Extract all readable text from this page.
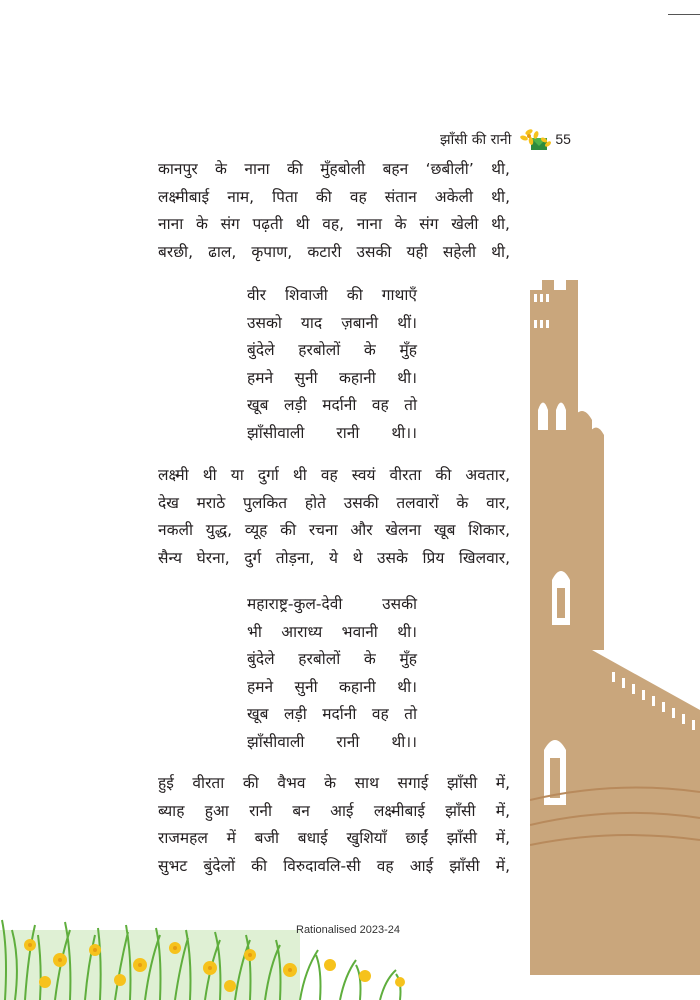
झाँसी की रानी	55
कानपुर के नाना की मुँहबोली बहन ‘छबीली’ थी,
लक्ष्मीबाई नाम, पिता की वह संतान अकेली थी,
नाना के संग पढ़ती थी वह, नाना के संग खेली थी,
बरछी, ढाल, कृपाण, कटारी उसकी यही सहेली थी,
वीर शिवाजी की गाथाएँ
उसको याद ज़बानी थीं।
बुंदेले हरबोलों के मुँह
हमने सुनी कहानी थी।
खूब लड़ी मर्दानी वह तो
झाँसीवाली रानी थी।।
लक्ष्मी थी या दुर्गा थी वह स्वयं वीरता की अवतार,
देख मराठे पुलकित होते उसकी तलवारों के वार,
नकली युद्ध, व्यूह की रचना और खेलना खूब शिकार,
सैन्य घेरना, दुर्ग तोड़ना, ये थे उसके प्रिय खिलवार,
महाराष्ट्र-कुल-देवी उसकी
भी आराध्य भवानी थी।
बुंदेले हरबोलों के मुँह
हमने सुनी कहानी थी।
खूब लड़ी मर्दानी वह तो
झाँसीवाली रानी थी।।
हुई वीरता की वैभव के साथ सगाई झाँसी में,
ब्याह हुआ रानी बन आई लक्ष्मीबाई झाँसी में,
राजमहल में बजी बधाई खुशियाँ छाईं झाँसी में,
सुभट बुंदेलों की विरुदावलि-सी वह आई झाँसी में,
Rationalised 2023-24
